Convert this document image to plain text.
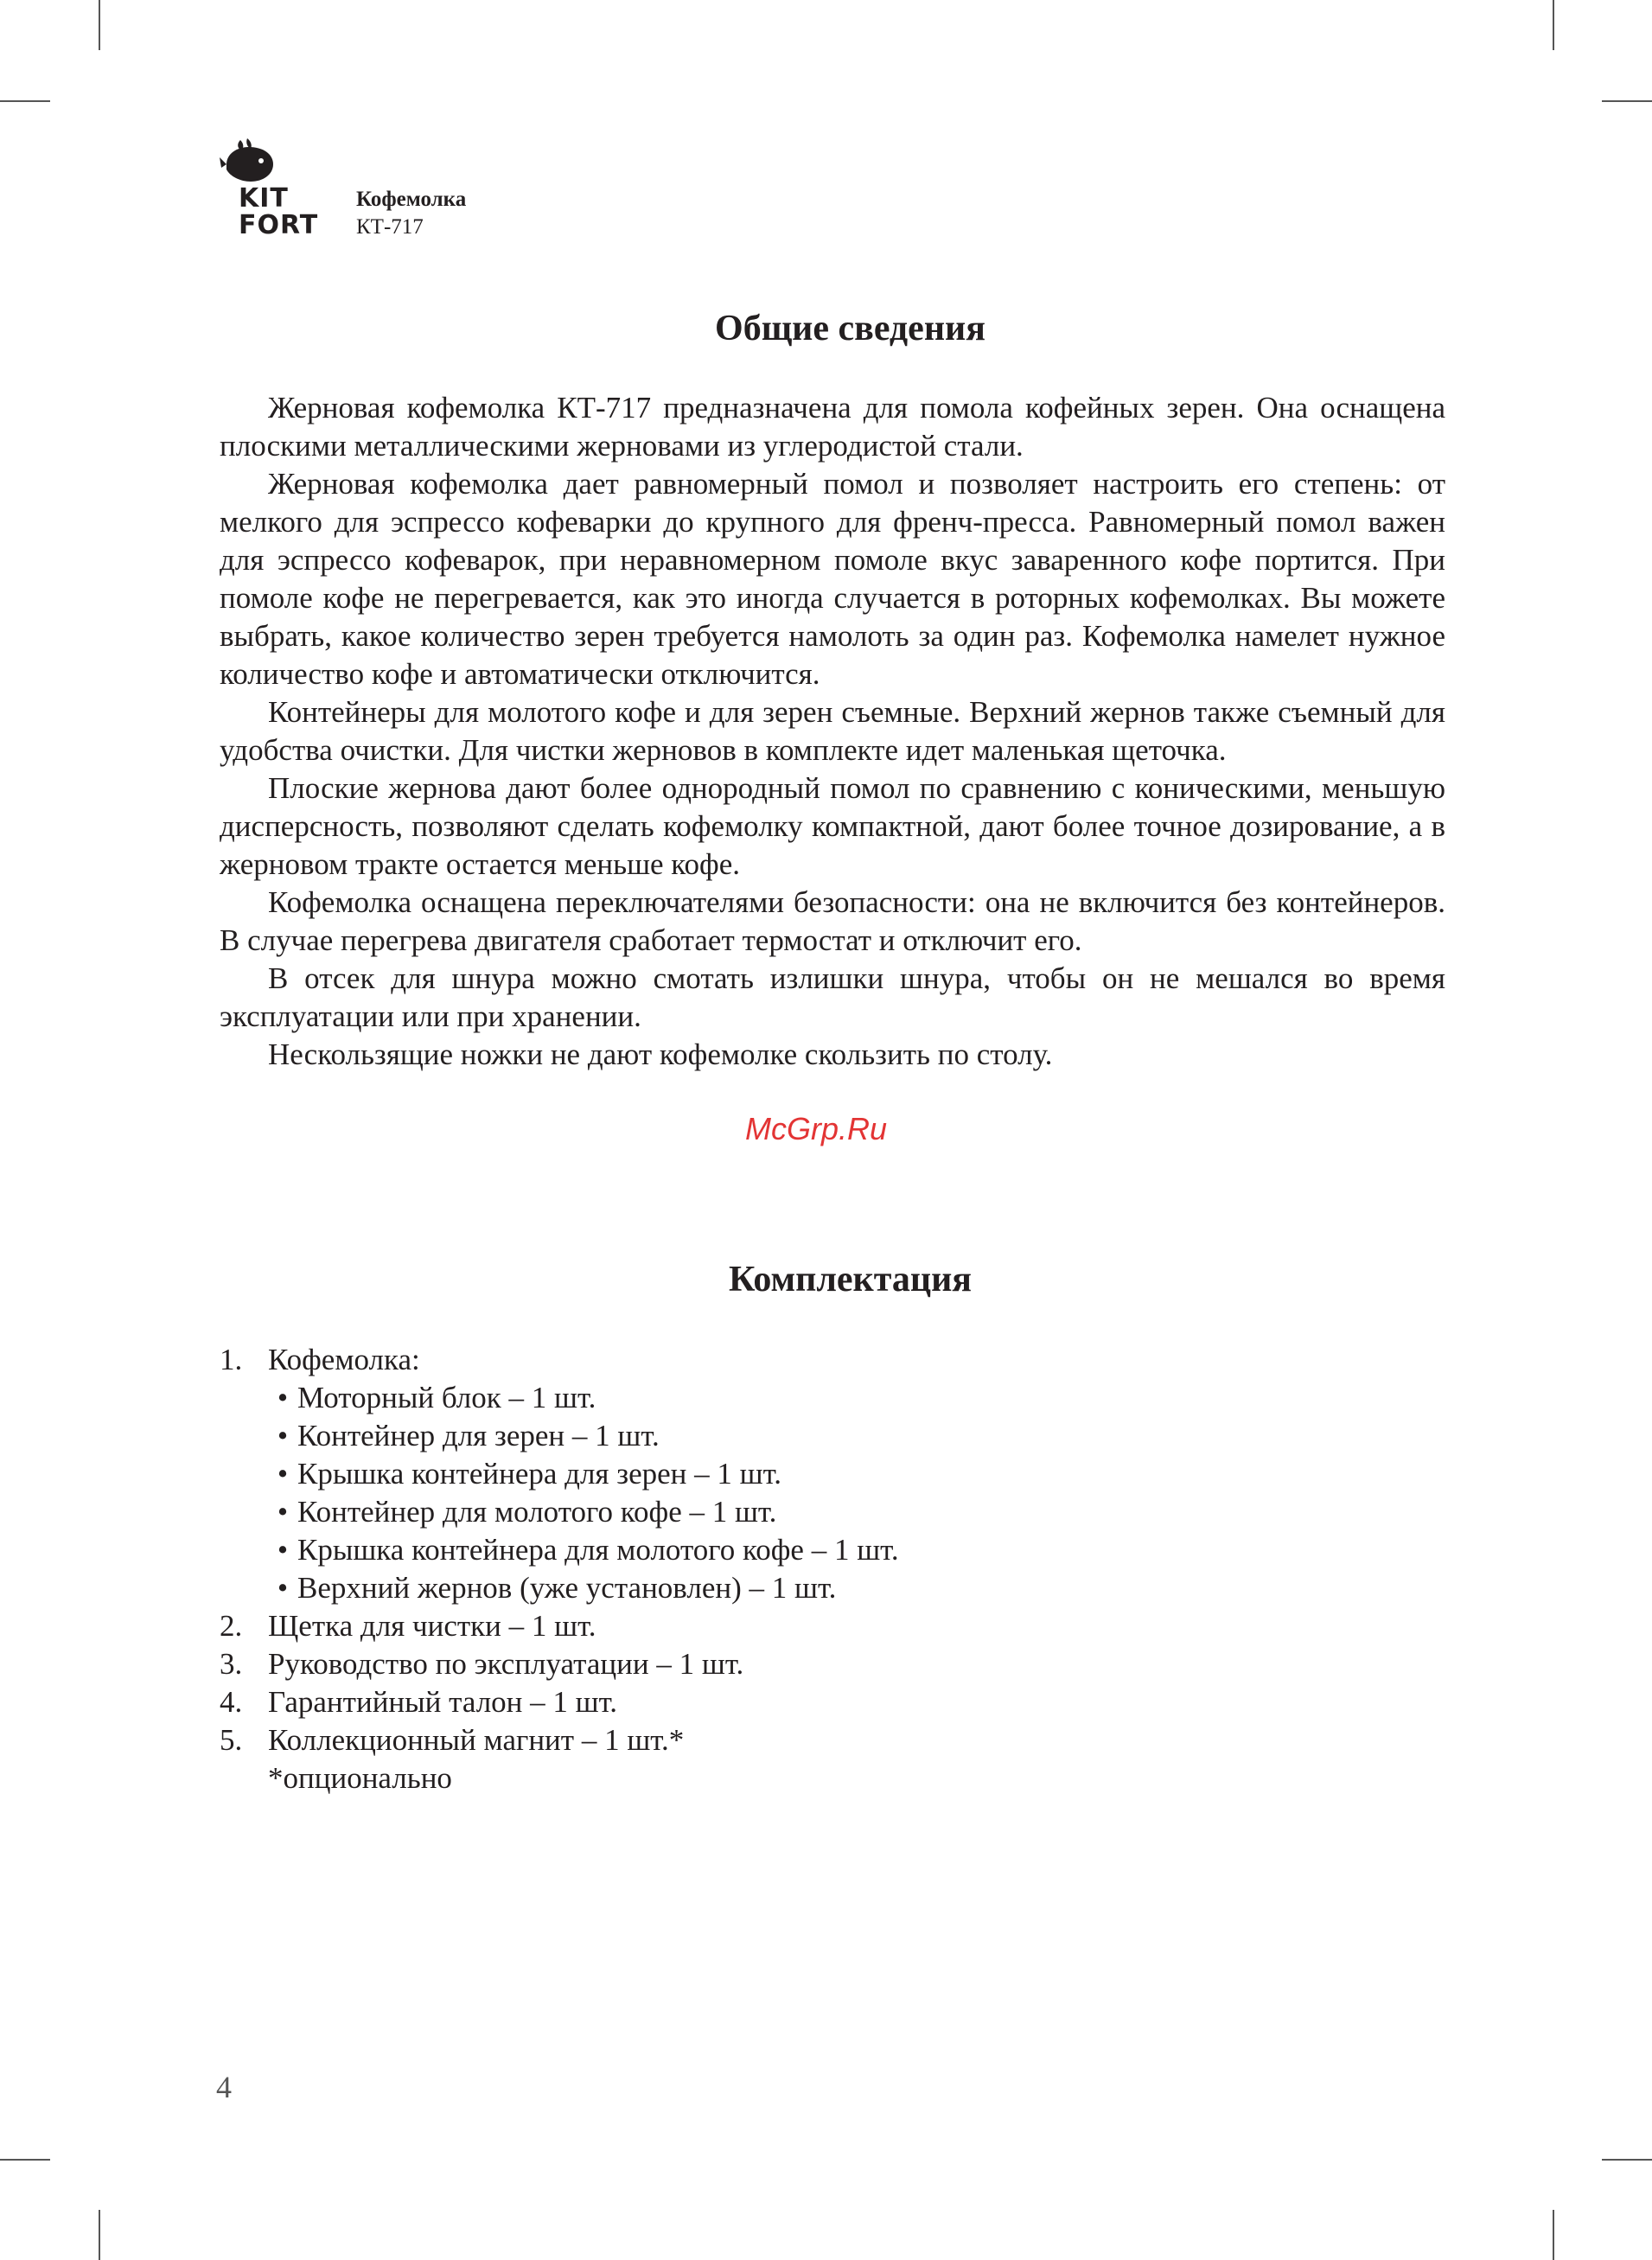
KIT
FORT
Кофемолка
КТ-717
Общие сведения

Жерновая кофемолка КТ-717 предназначена для помола кофейных зерен. Она оснащена плоскими металлическими жерновами из углеродистой стали.

Жерновая кофемолка дает равномерный помол и позволяет настроить его степень: от мелкого для эспрессо кофеварки до крупного для френч-пресса. Равномерный помол важен для эспрессо кофеварок, при неравномерном помоле вкус заваренного кофе портится. При помоле кофе не перегревается, как это иногда случается в роторных кофемолках. Вы можете выбрать, какое количество зерен требуется намолоть за один раз. Кофемолка намелет нужное количество кофе и автоматически отключится.

Контейнеры для молотого кофе и для зерен съемные. Верхний жернов также съемный для удобства очистки. Для чистки жерновов в комплекте идет маленькая щеточка.

Плоские жернова дают более однородный помол по сравнению с коническими, меньшую дисперсность, позволяют сделать кофемолку компактной, дают более точное дозирование, а в жерновом тракте остается меньше кофе.

Кофемолка оснащена переключателями безопасности: она не включится без контейнеров. В случае перегрева двигателя сработает термостат и отключит его.

В отсек для шнура можно смотать излишки шнура, чтобы он не мешался во время эксплуатации или при хранении.

Нескользящие ножки не дают кофемолке скользить по столу.

McGrp.Ru
Комплектация
1. Кофемолка:
• Моторный блок – 1 шт.
• Контейнер для зерен – 1 шт.
• Крышка контейнера для зерен – 1 шт.
• Контейнер для молотого кофе – 1 шт.
• Крышка контейнера для молотого кофе – 1 шт.
• Верхний жернов (уже установлен) – 1 шт.
2. Щетка для чистки – 1 шт.
3. Руководство по эксплуатации – 1 шт.
4. Гарантийный талон – 1 шт.
5. Коллекционный магнит – 1 шт.*
*опционально
4
